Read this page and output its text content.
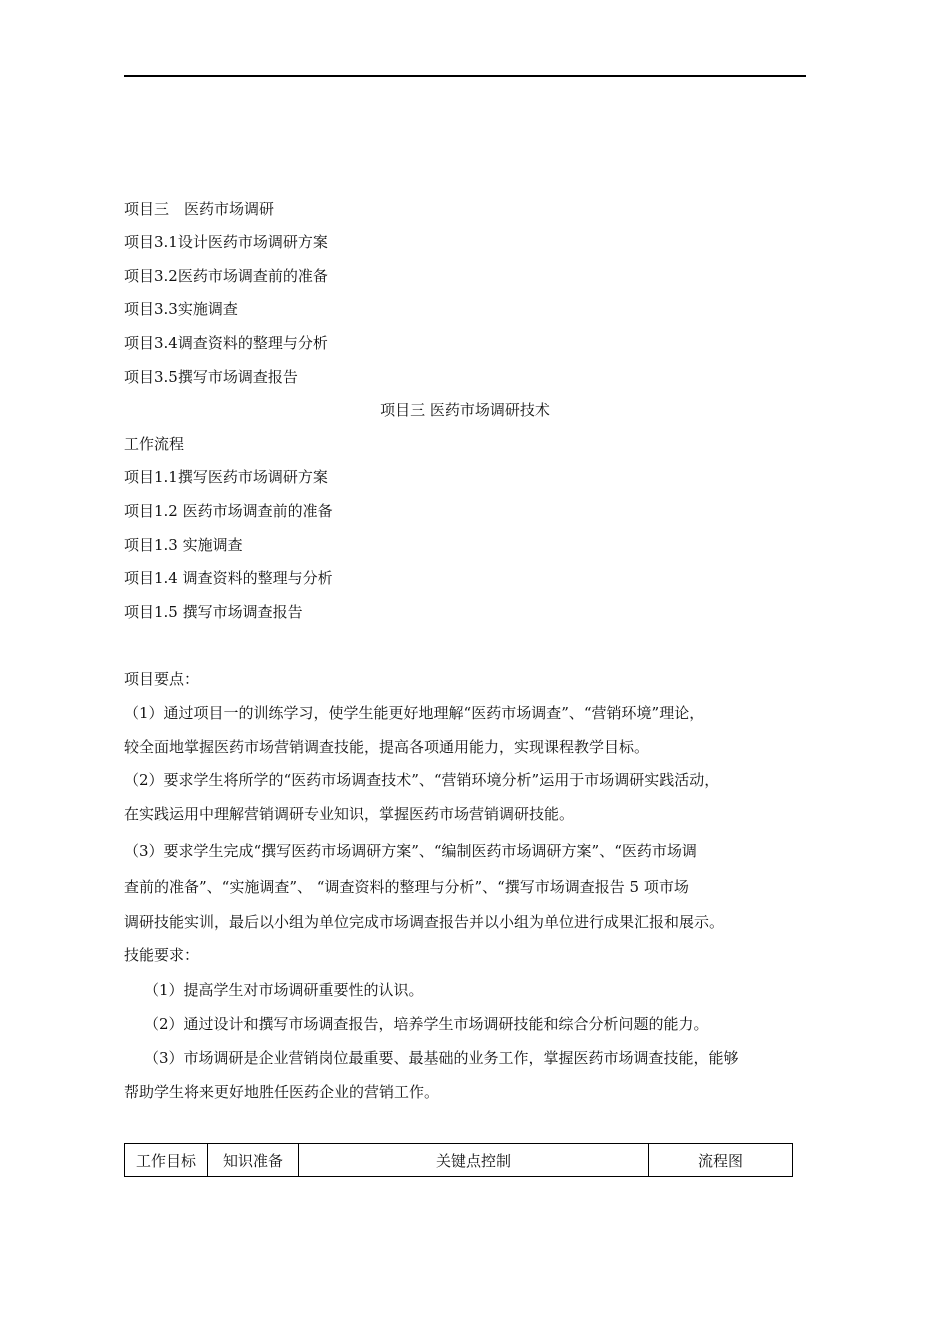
项目三　医药市场调研
项目3.1设计医药市场调研方案
项目3.2医药市场调查前的准备
项目3.3实施调查
项目3.4调查资料的整理与分析
项目3.5撰写市场调查报告
项目三 医药市场调研技术
工作流程
项目1.1撰写医药市场调研方案
项目1.2 医药市场调查前的准备
项目1.3 实施调查
项目1.4 调查资料的整理与分析
项目1.5 撰写市场调查报告
项目要点：
（1）通过项目一的训练学习，使学生能更好地理解“医药市场调查”、“营销环境”理论，
较全面地掌握医药市场营销调查技能，提高各项通用能力，实现课程教学目标。
（2）要求学生将所学的“医药市场调查技术”、“营销环境分析”运用于市场调研实践活动，
在实践运用中理解营销调研专业知识，掌握医药市场营销调研技能。
（3）要求学生完成“撰写医药市场调研方案”、“编制医药市场调研方案”、“医药市场调
查前的准备”、“实施调查”、 “调查资料的整理与分析”、“撰写市场调查报告 5 项市场
调研技能实训，最后以小组为单位完成市场调查报告并以小组为单位进行成果汇报和展示。
技能要求：
（1）提高学生对市场调研重要性的认识。
（2）通过设计和撰写市场调查报告，培养学生市场调研技能和综合分析问题的能力。
（3）市场调研是企业营销岗位最重要、最基础的业务工作，掌握医药市场调查技能，能够
帮助学生将来更好地胜任医药企业的营销工作。
工作目标	知识准备	关键点控制	流程图
